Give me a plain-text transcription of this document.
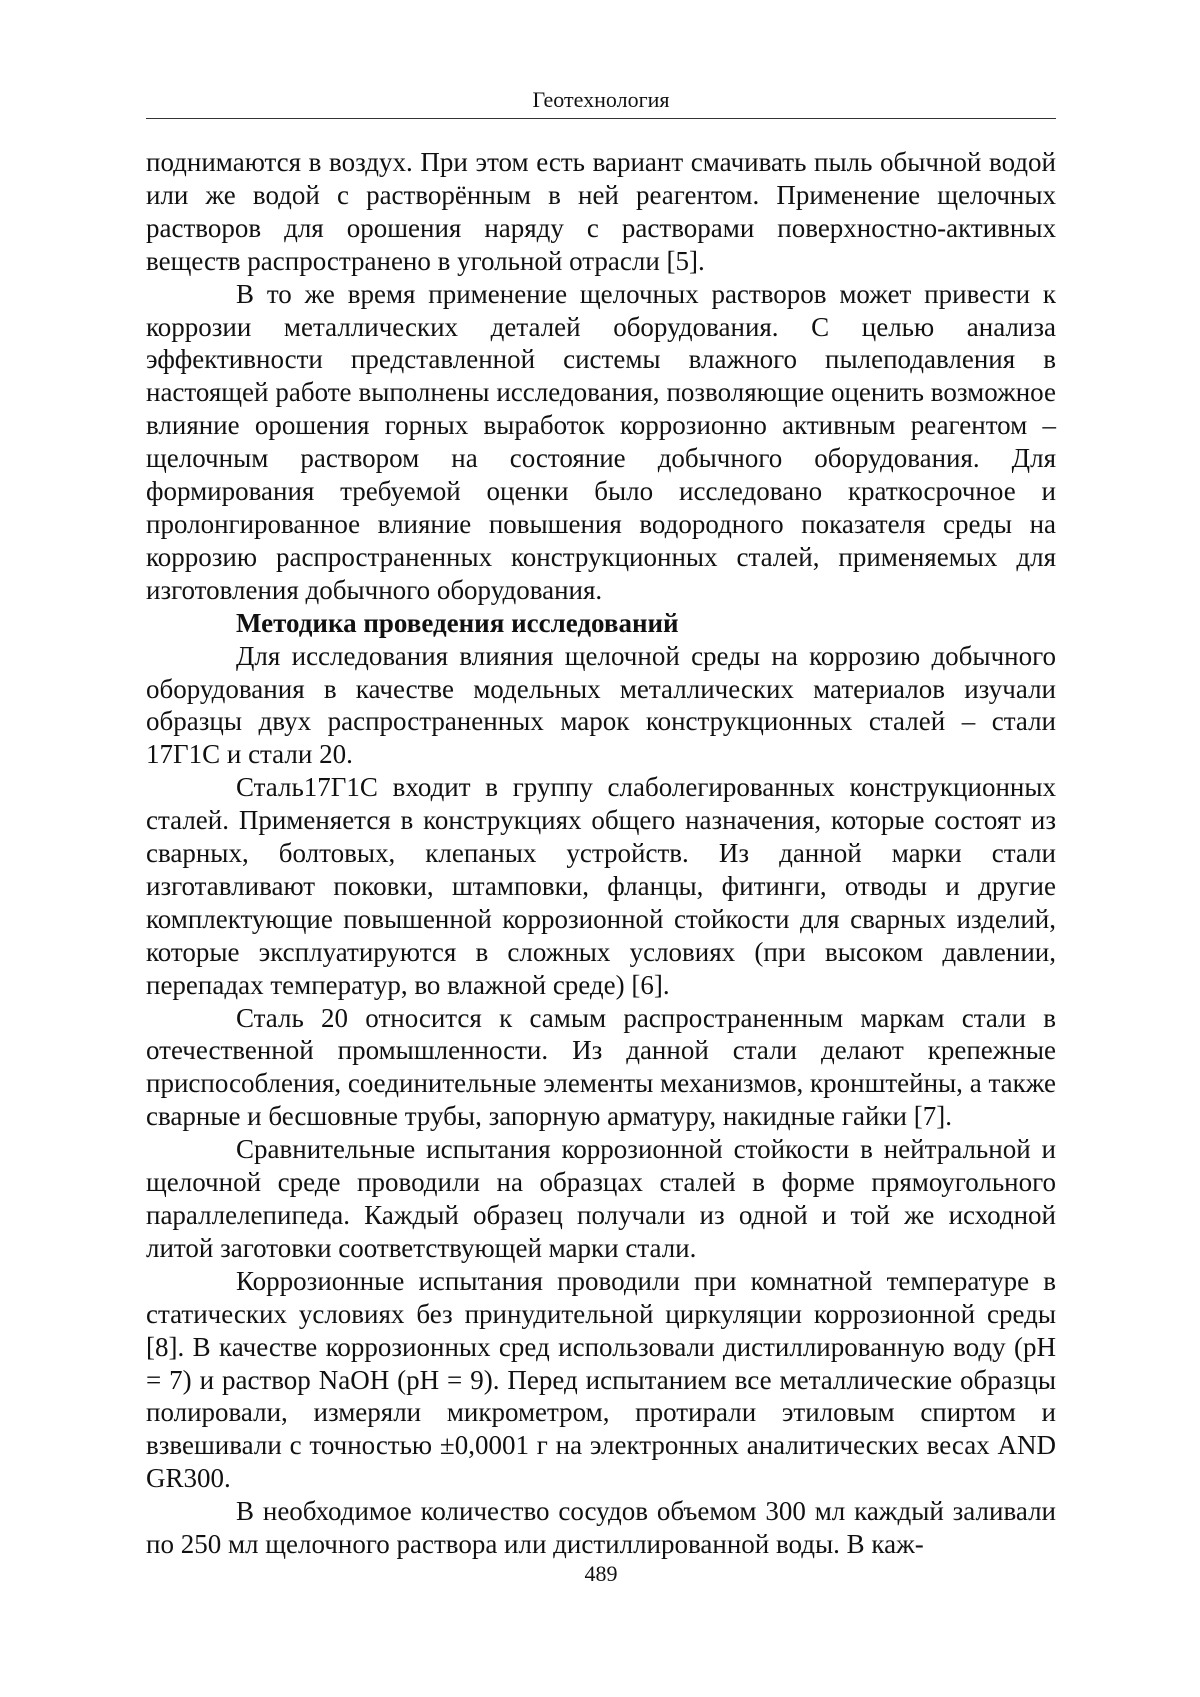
Геотехнология

поднимаются в воздух. При этом есть вариант смачивать пыль обычной водой или же водой с растворённым в ней реагентом. Применение щелочных растворов для орошения наряду с растворами поверхностно-активных веществ распространено в угольной отрасли [5].

В то же время применение щелочных растворов может привести к коррозии металлических деталей оборудования. С целью анализа эффективности представленной системы влажного пылеподавления в настоящей работе выполнены исследования, позволяющие оценить возможное влияние орошения горных выработок коррозионно активным реагентом – щелочным раствором на состояние добычного оборудования. Для формирования требуемой оценки было исследовано краткосрочное и пролонгированное влияние повышения водородного показателя среды на коррозию распространенных конструкционных сталей, применяемых для изготовления добычного оборудования.

Методика проведения исследований

Для исследования влияния щелочной среды на коррозию добычного оборудования в качестве модельных металлических материалов изучали образцы двух распространенных марок конструкционных сталей – стали 17Г1С и стали 20.

Сталь17Г1С входит в группу слаболегированных конструкционных сталей. Применяется в конструкциях общего назначения, которые состоят из сварных, болтовых, клепаных устройств. Из данной марки стали изготавливают поковки, штамповки, фланцы, фитинги, отводы и другие комплектующие повышенной коррозионной стойкости для сварных изделий, которые эксплуатируются в сложных условиях (при высоком давлении, перепадах температур, во влажной среде) [6].

Сталь 20 относится к самым распространенным маркам стали в отечественной промышленности. Из данной стали делают крепежные приспособления, соединительные элементы механизмов, кронштейны, а также сварные и бесшовные трубы, запорную арматуру, накидные гайки [7].

Сравнительные испытания коррозионной стойкости в нейтральной и щелочной среде проводили на образцах сталей в форме прямоугольного параллелепипеда. Каждый образец получали из одной и той же исходной литой заготовки соответствующей марки стали.

Коррозионные испытания проводили при комнатной температуре в статических условиях без принудительной циркуляции коррозионной среды [8]. В качестве коррозионных сред использовали дистиллированную воду (pH = 7) и раствор NaOH (pH = 9). Перед испытанием все металлические образцы полировали, измеряли микрометром, протирали этиловым спиртом и взвешивали с точностью ±0,0001 г на электронных аналитических весах AND GR300.

В необходимое количество сосудов объемом 300 мл каждый заливали по 250 мл щелочного раствора или дистиллированной воды. В каж-

489
